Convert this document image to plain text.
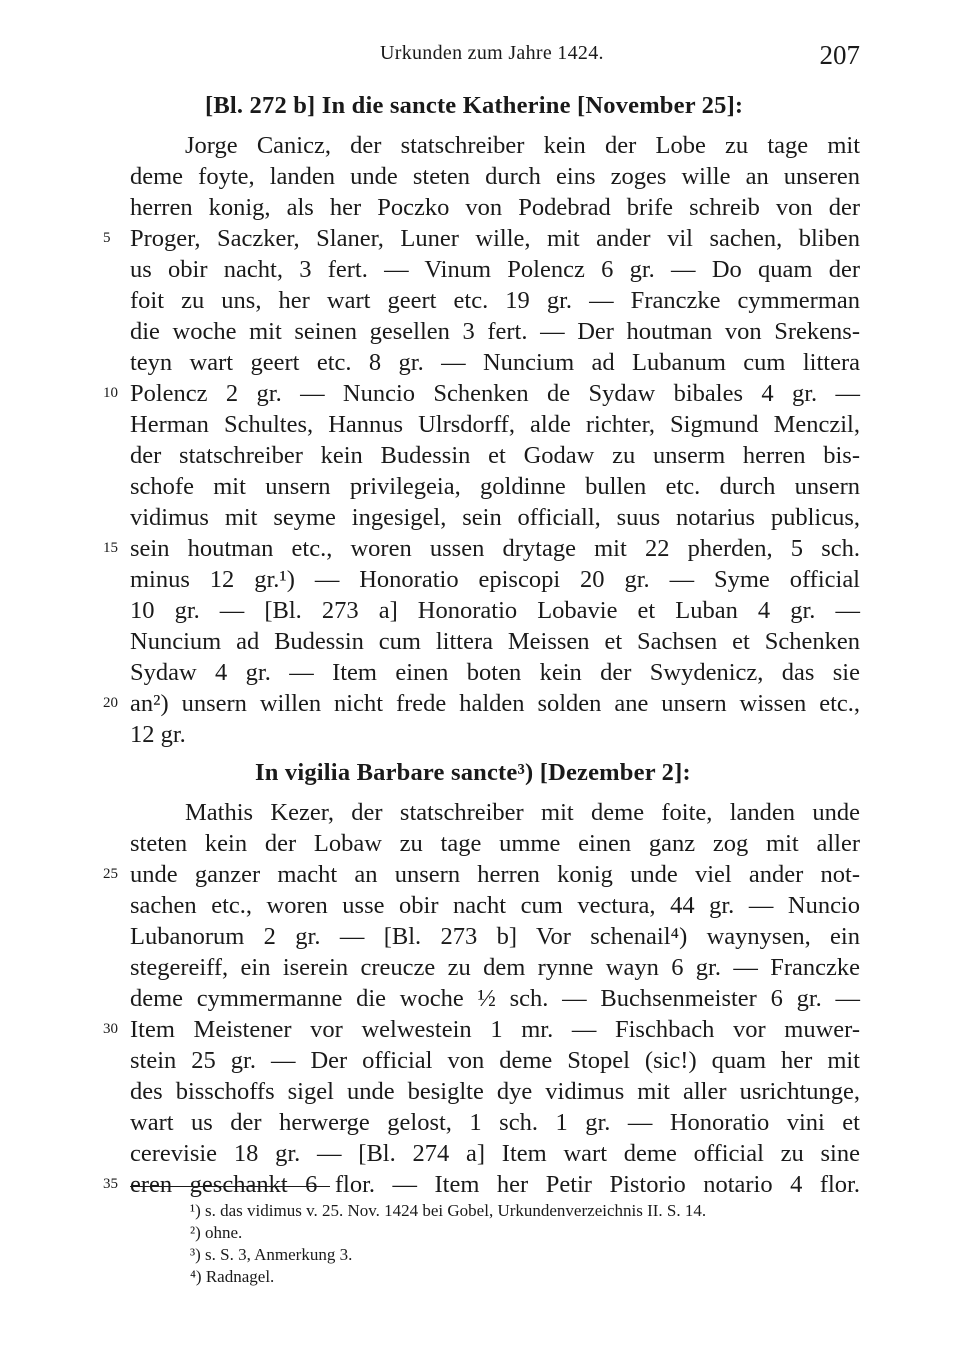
Urkunden zum Jahre 1424.	207
[Bl. 272 b] In die sancte Katherine [November 25]:
Jorge Canicz, der statschreiber kein der Lobe zu tage mit
deme foyte, landen unde steten durch eins zoges wille an unseren
herren konig, als her Poczko von Podebrad brife schreib von der
5 Proger, Saczker, Slaner, Luner wille, mit ander vil sachen, bliben
us obir nacht, 3 fert. — Vinum Polencz 6 gr. — Do quam der
foit zu uns, her wart geert etc. 19 gr. — Franczke cymmerman
die woche mit seinen gesellen 3 fert. — Der houtman von Srekens-
teyn wart geert etc. 8 gr. — Nuncium ad Lubanum cum littera
10 Polencz 2 gr. — Nuncio Schenken de Sydaw bibales 4 gr. —
Herman Schultes, Hannus Ulrsdorff, alde richter, Sigmund Menczil,
der statschreiber kein Budessin et Godaw zu unserm herren bis-
schofe mit unsern privilegeia, goldinne bullen etc. durch unsern
vidimus mit seyme ingesigel, sein officiall, suus notarius publicus,
15 sein houtman etc., woren ussen drytage mit 22 pherden, 5 sch.
minus 12 gr.¹) — Honoratio episcopi 20 gr. — Syme official
10 gr. — [Bl. 273 a] Honoratio Lobavie et Luban 4 gr. —
Nuncium ad Budessin cum littera Meissen et Sachsen et Schenken
Sydaw 4 gr. — Item einen boten kein der Swydenicz, das sie
20 an²) unsern willen nicht frede halden solden ane unsern wissen etc.,
12 gr.
In vigilia Barbare sancte³) [Dezember 2]:
Mathis Kezer, der statschreiber mit deme foite, landen unde
steten kein der Lobaw zu tage umme einen ganz zog mit aller
25 unde ganzer macht an unsern herren konig unde viel ander not-
sachen etc., woren usse obir nacht cum vectura, 44 gr. — Nuncio
Lubanorum 2 gr. — [Bl. 273 b] Vor schenail⁴) waynysen, ein
stegereiff, ein iserein creucze zu dem rynne wayn 6 gr. — Franczke
deme cymmermanne die woche ½ sch. — Buchsenmeister 6 gr. —
30 Item Meistener vor welwestein 1 mr. — Fischbach vor muwer-
stein 25 gr. — Der official von deme Stopel (sic!) quam her mit
des bisschoffs sigel unde besiglte dye vidimus mit aller usrichtunge,
wart us der herwerge gelost, 1 sch. 1 gr. — Honoratio vini et
cerevisie 18 gr. — [Bl. 274 a] Item wart deme official zu sine
35 eren geschankt 6 flor. — Item her Petir Pistorio notario 4 flor.
¹) s. das vidimus v. 25. Nov. 1424 bei Gobel, Urkundenverzeichnis II. S. 14.
²) ohne.
³) s. S. 3, Anmerkung 3.
⁴) Radnagel.
